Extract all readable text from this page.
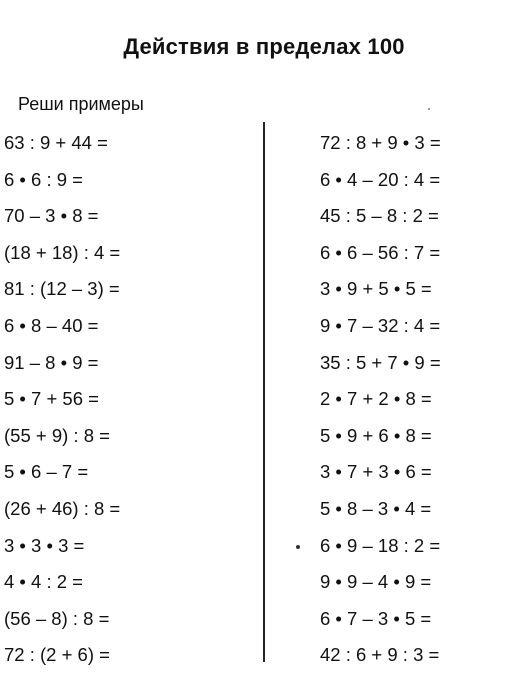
Действия в пределах 100
Реши примеры
63 : 9 + 44 =
6 • 6 : 9 =
70 – 3 • 8 =
(18 + 18) : 4 =
81 : (12 – 3) =
6 • 8 – 40 =
91 – 8 • 9 =
5 • 7 + 56 =
(55 + 9) : 8 =
5 • 6 – 7 =
(26 + 46) : 8 =
3 • 3 • 3 =
4 • 4 : 2 =
(56 – 8) : 8 =
72 : (2 + 6) =
72 : 8 + 9 • 3 =
6 • 4 – 20 : 4 =
45 : 5 – 8 : 2 =
6 • 6 – 56 : 7 =
3 • 9 + 5 • 5 =
9 • 7 – 32 : 4 =
35 : 5 + 7 • 9 =
2 • 7 + 2 • 8 =
5 • 9 + 6 • 8 =
3 • 7 + 3 • 6 =
5 • 8 – 3 • 4 =
6 • 9 – 18 : 2 =
9 • 9 – 4 • 9 =
6 • 7 – 3 • 5 =
42 : 6 + 9 : 3 =
